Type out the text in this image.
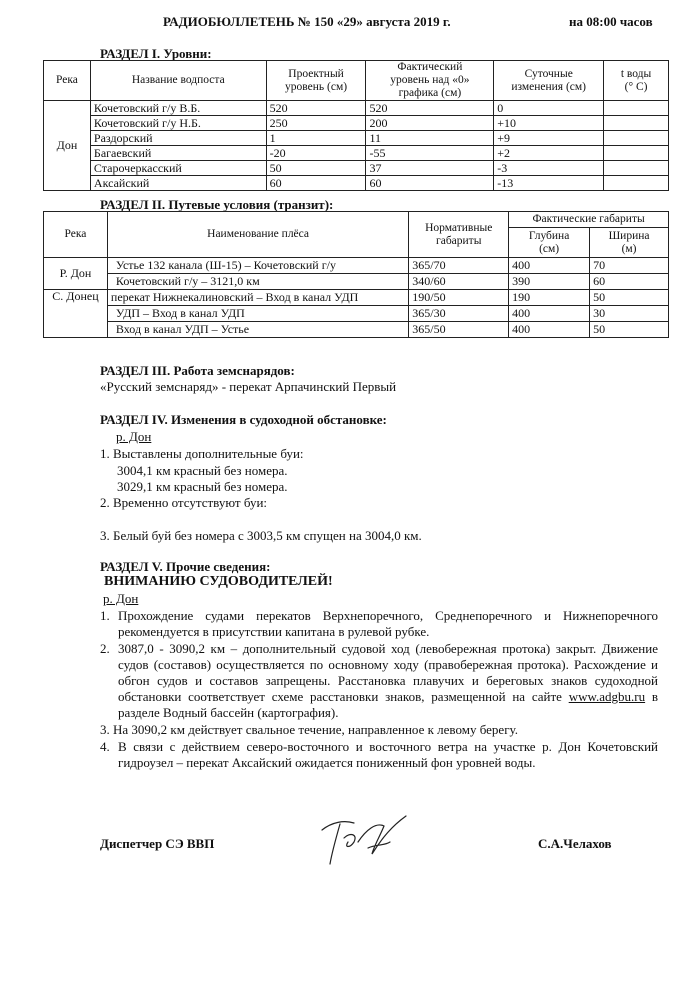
РАДИОБЮЛЛЕТЕНЬ № 150 «29» августа 2019 г.	на 08:00 часов
РАЗДЕЛ I. Уровни:
Река	Название водпоста	Проектный
уровень (см)	Фактический
уровень над «0»
графика (см)	Суточные
изменения (см)	t воды
(° С)
Дон	Кочетовский г/у В.Б.	520	520	0	
	Кочетовский г/у Н.Б.	250	200	+10	
	Раздорский	1	11	+9	
	Багаевский	-20	-55	+2	
	Старочеркасский	50	37	-3	
	Аксайский	60	60	-13	
РАЗДЕЛ II. Путевые условия (транзит):
Река	Наименование плёса	Нормативные
габариты	Фактические габариты	
			Глубина
(см)	Ширина
(м)
Р. Дон	Устье 132 канала (Ш-15) – Кочетовский г/у	365/70	400	70
	Кочетовский г/у – 3121,0 км	340/60	390	60
С. Донец	перекат Нижнекалиновский – Вход в канал УДП	190/50	190	50
	УДП – Вход в канал УДП	365/30	400	30
	Вход в канал УДП – Устье	365/50	400	50
РАЗДЕЛ III. Работа земснарядов:
«Русский земснаряд» - перекат Арпачинский Первый
РАЗДЕЛ IV. Изменения в судоходной обстановке:
р. Дон
1. Выставлены дополнительные буи:
3004,1 км красный без номера.
3029,1 км красный без номера.
2. Временно отсутствуют буи:
3. Белый буй без номера с 3003,5 км спущен на 3004,0 км.
РАЗДЕЛ V. Прочие сведения:
ВНИМАНИЮ СУДОВОДИТЕЛЕЙ!
р. Дон
1. Прохождение судами перекатов Верхнепоречного, Среднепоречного и Нижнепоречного рекомендуется в присутствии капитана в рулевой рубке.
2. 3087,0 - 3090,2 км – дополнительный судовой ход (левобережная протока) закрыт. Движение судов (составов) осуществляется по основному ходу (правобережная протока). Расхождение и обгон судов и составов запрещены. Расстановка плавучих и береговых знаков судоходной обстановки соответствует схеме расстановки знаков, размещенной на сайте www.adgbu.ru в разделе Водный бассейн (картография).
3. На 3090,2 км действует свальное течение, направленное к левому берегу.
4. В связи с действием северо-восточного и восточного ветра на участке р. Дон Кочетовский гидроузел – перекат Аксайский ожидается пониженный фон уровней воды.
Диспетчер СЭ ВВП	С.А.Челахов
